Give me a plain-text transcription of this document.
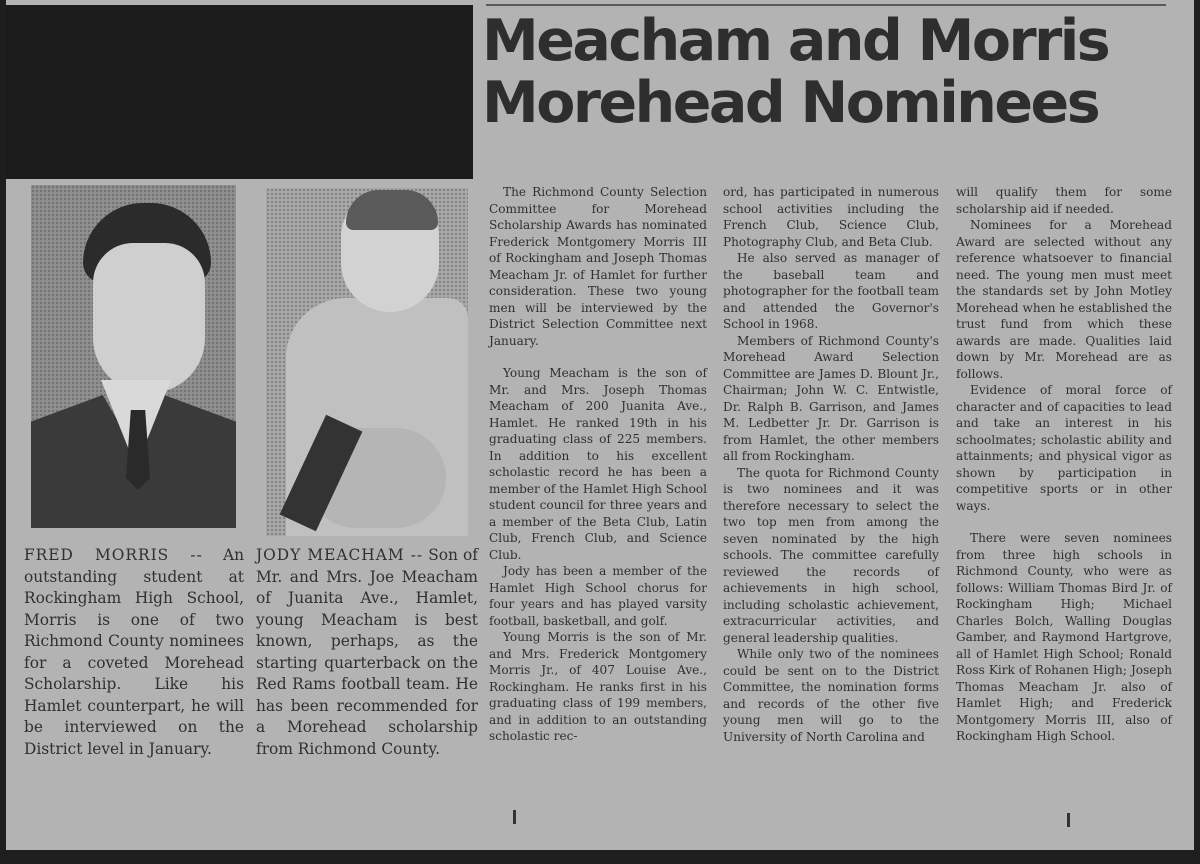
Meacham and Morris
Morehead Nominees
FRED MORRIS -- An outstanding student at Rockingham High School, Morris is one of two Richmond County nominees for a coveted Morehead Scholarship. Like his Hamlet counterpart, he will be interviewed on the District level in January.
JODY MEACHAM -- Son of Mr. and Mrs. Joe Meacham of Juanita Ave., Hamlet, young Meacham is best known, perhaps, as the starting quarterback on the Red Rams football team. He has been recommended for a Morehead scholarship from Richmond County.

The Richmond County Selection Committee for Morehead Scholarship Awards has nominated Frederick Montgomery Morris III of Rockingham and Joseph Thomas Meacham Jr. of Hamlet for further consideration. These two young men will be interviewed by the District Selection Committee next January.

Young Meacham is the son of Mr. and Mrs. Joseph Thomas Meacham of 200 Juanita Ave., Hamlet. He ranked 19th in his graduating class of 225 members. In addition to his excellent scholastic record he has been a member of the Hamlet High School student council for three years and a member of the Beta Club, Latin Club, French Club, and Science Club.

Jody has been a member of the Hamlet High School chorus for four years and has played varsity football, basketball, and golf.

Young Morris is the son of Mr. and Mrs. Frederick Montgomery Morris Jr., of 407 Louise Ave., Rockingham. He ranks first in his graduating class of 199 members, and in addition to an outstanding scholastic rec-

ord, has participated in numerous school activities including the French Club, Science Club, Photography Club, and Beta Club.

He also served as manager of the baseball team and photographer for the football team and attended the Governor's School in 1968.

Members of Richmond County's Morehead Award Selection Committee are James D. Blount Jr., Chairman; John W. C. Entwistle, Dr. Ralph B. Garrison, and James M. Ledbetter Jr. Dr. Garrison is from Hamlet, the other members all from Rockingham.

The quota for Richmond County is two nominees and it was therefore necessary to select the two top men from among the seven nominated by the high schools. The committee carefully reviewed the records of achievements in high school, including scholastic achievement, extracurricular activities, and general leadership qualities.

While only two of the nominees could be sent on to the District Committee, the nomination forms and records of the other five young men will go to the University of North Carolina and

will qualify them for some scholarship aid if needed.

Nominees for a Morehead Award are selected without any reference whatsoever to financial need. The young men must meet the standards set by John Motley Morehead when he established the trust fund from which these awards are made. Qualities laid down by Mr. Morehead are as follows.

Evidence of moral force of character and of capacities to lead and take an interest in his schoolmates; scholastic ability and attainments; and physical vigor as shown by participation in competitive sports or in other ways.

There were seven nominees from three high schools in Richmond County, who were as follows: William Thomas Bird Jr. of Rockingham High; Michael Charles Bolch, Walling Douglas Gamber, and Raymond Hartgrove, all of Hamlet High School; Ronald Ross Kirk of Rohanen High; Joseph Thomas Meacham Jr. also of Hamlet High; and Frederick Montgomery Morris III, also of Rockingham High School.
